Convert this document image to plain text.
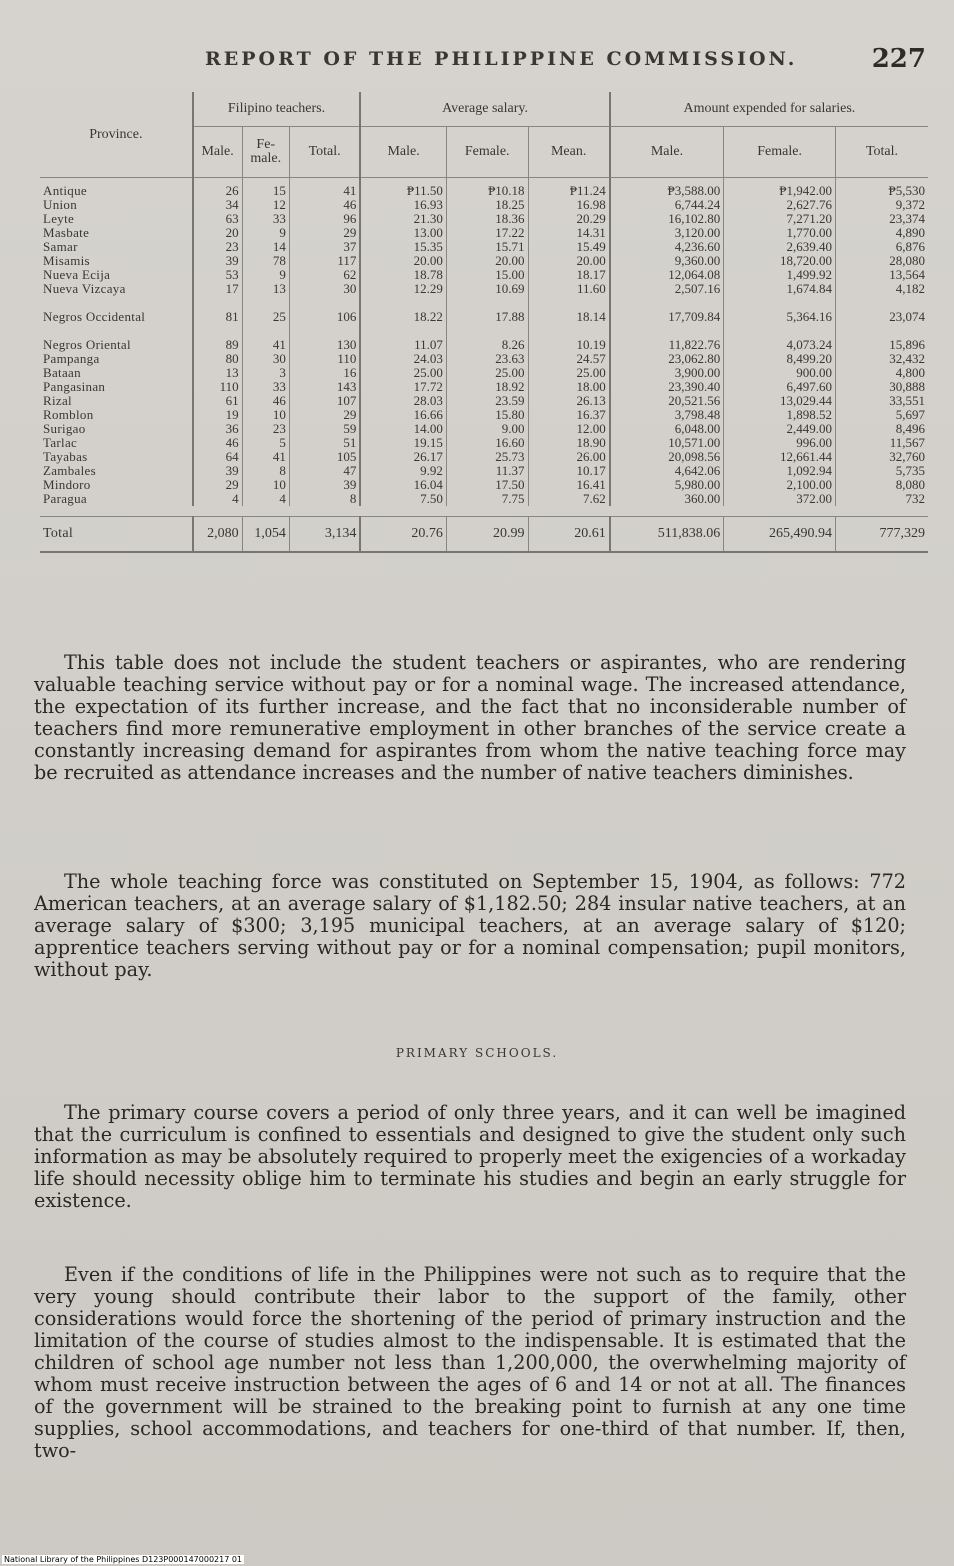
REPORT OF THE PHILIPPINE COMMISSION.	227
Province.	Filipino teachers.			Average salary.			Amount expended for salaries.		
	Male.	Fe-male.	Total.	Male.	Female.	Mean.	Male.	Female.	Total.
Antique	26	15	41	₱11.50	₱10.18	₱11.24	₱3,588.00	₱1,942.00	₱5,530
Union	34	12	46	16.93	18.25	16.98	6,744.24	2,627.76	9,372
Leyte	63	33	96	21.30	18.36	20.29	16,102.80	7,271.20	23,374
Masbate	20	9	29	13.00	17.22	14.31	3,120.00	1,770.00	4,890
Samar	23	14	37	15.35	15.71	15.49	4,236.60	2,639.40	6,876
Misamis	39	78	117	20.00	20.00	20.00	9,360.00	18,720.00	28,080
Nueva Ecija	53	9	62	18.78	15.00	18.17	12,064.08	1,499.92	13,564
Nueva Vizcaya	17	13	30	12.29	10.69	11.60	2,507.16	1,674.84	4,182
Negros Occidental	81	25	106	18.22	17.88	18.14	17,709.84	5,364.16	23,074
Negros Oriental	89	41	130	11.07	8.26	10.19	11,822.76	4,073.24	15,896
Pampanga	80	30	110	24.03	23.63	24.57	23,062.80	8,499.20	32,432
Bataan	13	3	16	25.00	25.00	25.00	3,900.00	900.00	4,800
Pangasinan	110	33	143	17.72	18.92	18.00	23,390.40	6,497.60	30,888
Rizal	61	46	107	28.03	23.59	26.13	20,521.56	13,029.44	33,551
Romblon	19	10	29	16.66	15.80	16.37	3,798.48	1,898.52	5,697
Surigao	36	23	59	14.00	9.00	12.00	6,048.00	2,449.00	8,496
Tarlac	46	5	51	19.15	16.60	18.90	10,571.00	996.00	11,567
Tayabas	64	41	105	26.17	25.73	26.00	20,098.56	12,661.44	32,760
Zambales	39	8	47	9.92	11.37	10.17	4,642.06	1,092.94	5,735
Mindoro	29	10	39	16.04	17.50	16.41	5,980.00	2,100.00	8,080
Paragua	4	4	8	7.50	7.75	7.62	360.00	372.00	732

Total	2,080	1,054	3,134	20.76	20.99	20.61	511,838.06	265,490.94	777,329

This table does not include the student teachers or aspirantes, who are rendering valuable teaching service without pay or for a nominal wage. The increased attendance, the expectation of its further increase, and the fact that no inconsiderable number of teachers find more remunerative employment in other branches of the service create a constantly increasing demand for aspirantes from whom the native teaching force may be recruited as attendance increases and the number of native teachers diminishes.

The whole teaching force was constituted on September 15, 1904, as follows: 772 American teachers, at an average salary of $1,182.50; 284 insular native teachers, at an average salary of $300; 3,195 municipal teachers, at an average salary of $120; apprentice teachers serving without pay or for a nominal compensation; pupil monitors, without pay.

PRIMARY SCHOOLS.

The primary course covers a period of only three years, and it can well be imagined that the curriculum is confined to essentials and designed to give the student only such information as may be absolutely required to properly meet the exigencies of a workaday life should necessity oblige him to terminate his studies and begin an early struggle for existence.

Even if the conditions of life in the Philippines were not such as to require that the very young should contribute their labor to the support of the family, other considerations would force the shortening of the period of primary instruction and the limitation of the course of studies almost to the indispensable. It is estimated that the children of school age number not less than 1,200,000, the overwhelming majority of whom must receive instruction between the ages of 6 and 14 or not at all. The finances of the government will be strained to the breaking point to furnish at any one time supplies, school accommodations, and teachers for one-third of that number. If, then, two-

National Library of the Philippines D123P000147000217 01
